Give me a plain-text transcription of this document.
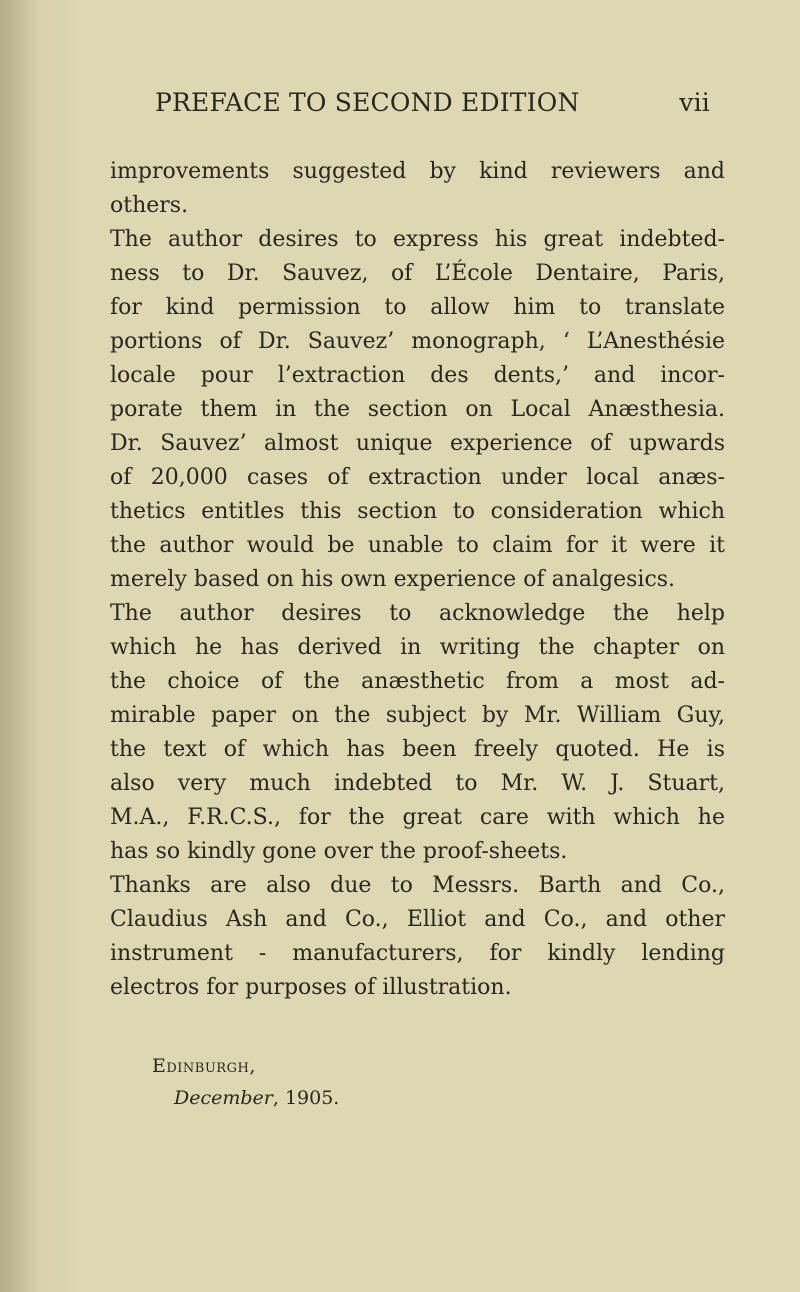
PREFACE TO SECOND EDITION	vii
improvements suggested by kind reviewers and
others.
The author desires to express his great indebted-
ness to Dr. Sauvez, of L’École Dentaire, Paris,
for kind permission to allow him to translate
portions of Dr. Sauvez’ monograph, ‘ L’Anesthésie
locale pour l’extraction des dents,’ and incor-
porate them in the section on Local Anæsthesia.
Dr. Sauvez’ almost unique experience of upwards
of 20,000 cases of extraction under local anæs-
thetics entitles this section to consideration which
the author would be unable to claim for it were it
merely based on his own experience of analgesics.
The author desires to acknowledge the help
which he has derived in writing the chapter on
the choice of the anæsthetic from a most ad-
mirable paper on the subject by Mr. William Guy,
the text of which has been freely quoted. He is
also very much indebted to Mr. W. J. Stuart,
M.A., F.R.C.S., for the great care with which he
has so kindly gone over the proof-sheets.
Thanks are also due to Messrs. Barth and Co.,
Claudius Ash and Co., Elliot and Co., and other
instrument - manufacturers, for kindly lending
electros for purposes of illustration.
Edinburgh,
December, 1905.
